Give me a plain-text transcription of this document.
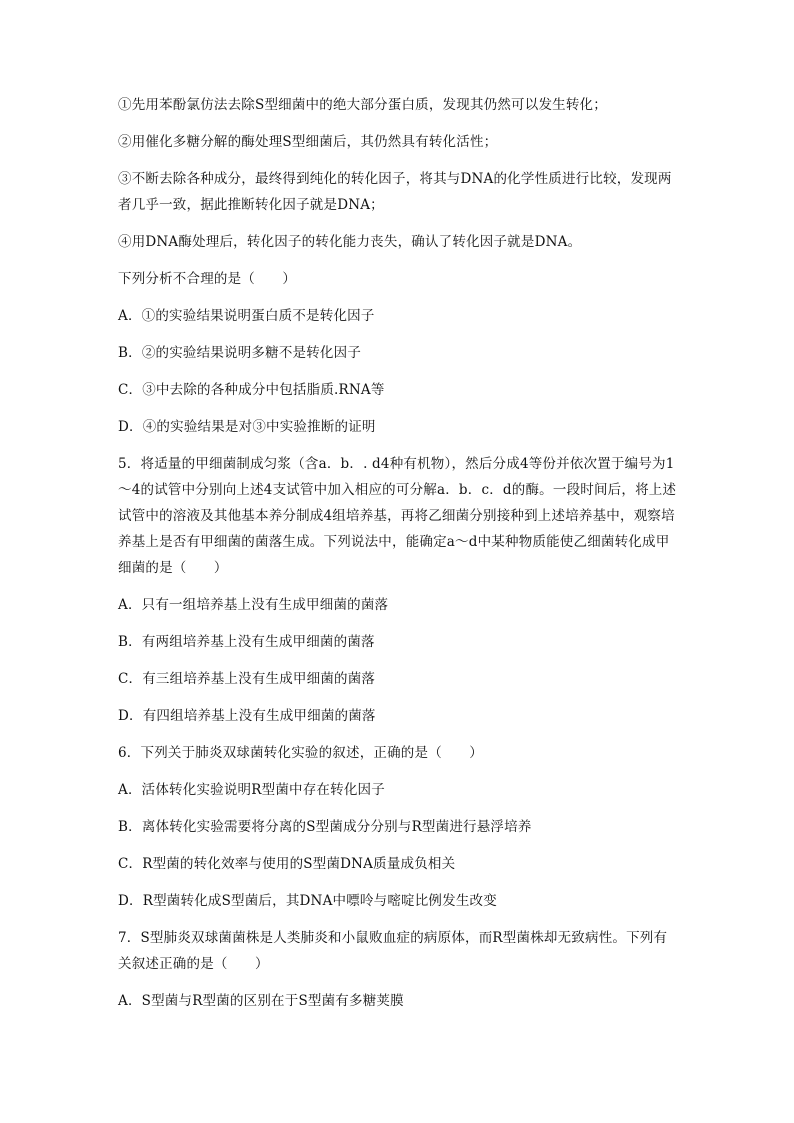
①先用苯酚氯仿法去除S型细菌中的绝大部分蛋白质，发现其仍然可以发生转化；

②用催化多糖分解的酶处理S型细菌后，其仍然具有转化活性；

③不断去除各种成分，最终得到纯化的转化因子，将其与DNA的化学性质进行比较，发现两者几乎一致，据此推断转化因子就是DNA；

④用DNA酶处理后，转化因子的转化能力丧失，确认了转化因子就是DNA。

下列分析不合理的是（　　）

A．①的实验结果说明蛋白质不是转化因子

B．②的实验结果说明多糖不是转化因子

C．③中去除的各种成分中包括脂质.RNA等

D．④的实验结果是对③中实验推断的证明

5．将适量的甲细菌制成匀浆（含a．b．. d4种有机物），然后分成4等份并依次置于编号为1～4的试管中分别向上述4支试管中加入相应的可分解a．b．c．d的酶。一段时间后，将上述试管中的溶液及其他基本养分制成4组培养基，再将乙细菌分别接种到上述培养基中，观察培养基上是否有甲细菌的菌落生成。下列说法中，能确定a～d中某种物质能使乙细菌转化成甲细菌的是（　　）

A．只有一组培养基上没有生成甲细菌的菌落

B．有两组培养基上没有生成甲细菌的菌落

C．有三组培养基上没有生成甲细菌的菌落

D．有四组培养基上没有生成甲细菌的菌落

6．下列关于肺炎双球菌转化实验的叙述，正确的是（　　）

A．活体转化实验说明R型菌中存在转化因子

B．离体转化实验需要将分离的S型菌成分分别与R型菌进行悬浮培养

C．R型菌的转化效率与使用的S型菌DNA质量成负相关

D．R型菌转化成S型菌后，其DNA中嘌呤与嘧啶比例发生改变

7．S型肺炎双球菌菌株是人类肺炎和小鼠败血症的病原体，而R型菌株却无致病性。下列有关叙述正确的是（　　）

A．S型菌与R型菌的区别在于S型菌有多糖荚膜
